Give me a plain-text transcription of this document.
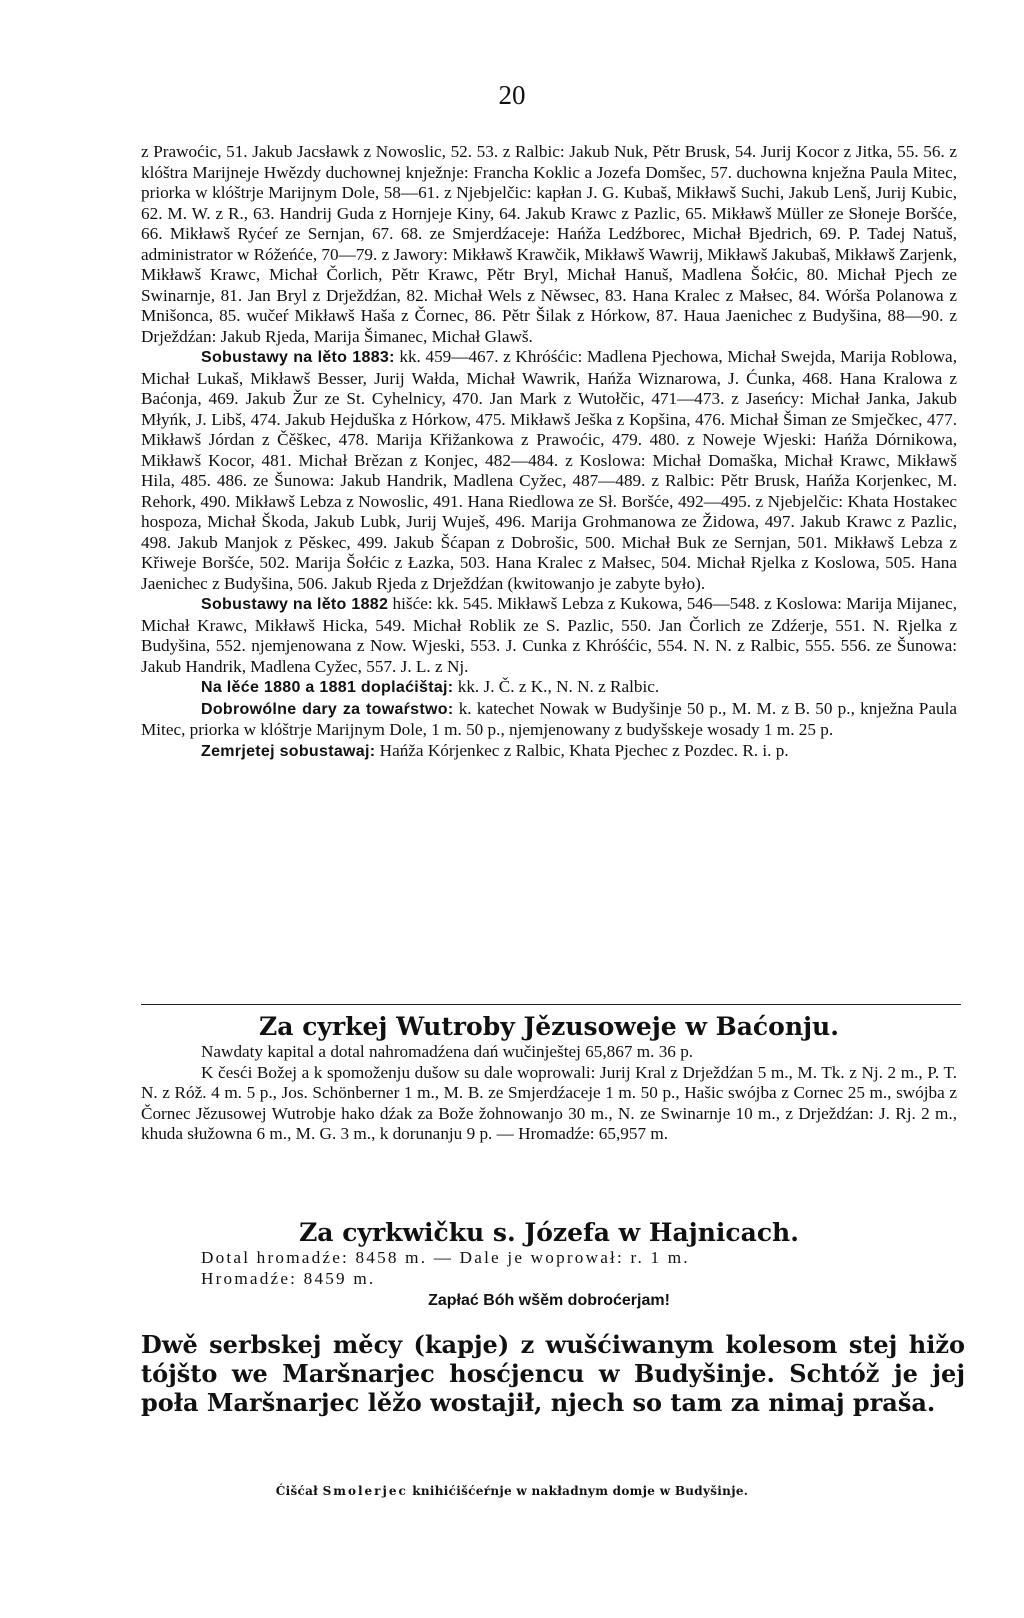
20

z Prawoćic, 51. Jakub Jacsławk z Nowoslic, 52. 53. z Ralbic: Jakub Nuk, Pětr Brusk, 54. Jurij Kocor z Jitka, 55. 56. z klóštra Marijneje Hwězdy duchownej knježnje: Francha Koklic a Jozefa Domšec, 57. duchowna knježna Paula Mitec, priorka w klóštrje Marijnym Dole, 58—61. z Njebjelčic: kapłan J. G. Kubaš, Mikławš Suchi, Jakub Lenš, Jurij Kubic, 62. M. W. z R., 63. Handrij Guda z Hornjeje Kiny, 64. Jakub Krawc z Pazlic, 65. Mikławš Müller ze Słoneje Boršće, 66. Mikławš Ryćeŕ ze Sernjan, 67. 68. ze Smjerdźaceje: Hańža Ledźborec, Michał Bjedrich, 69. P. Tadej Natuš, administrator w Róžeńće, 70—79. z Jawory: Mikławš Krawčik, Mikławš Wawrij, Mikławš Jakubaš, Mikławš Zarjenk, Mikławš Krawc, Michał Čorlich, Pětr Krawc, Pětr Bryl, Michał Hanuš, Madlena Šołćic, 80. Michał Pjech ze Swinarnje, 81. Jan Bryl z Drježdźan, 82. Michał Wels z Něwsec, 83. Hana Kralec z Małsec, 84. Wórša Polanowa z Mnišonca, 85. wučeŕ Mikławš Haša z Čornec, 86. Pětr Šilak z Hórkow, 87. Haua Jaenichec z Budyšina, 88—90. z Drježdźan: Jakub Rjeda, Marija Šimanec, Michał Glawš.

Sobustawy na lěto 1883: kk. 459—467. z Khróśćic: Madlena Pjechowa, Michał Swejda, Marija Roblowa, Michał Lukaš, Mikławš Besser, Jurij Wałda, Michał Wawrik, Hańža Wiznarowa, J. Ćunka, 468. Hana Kralowa z Baćonja, 469. Jakub Žur ze St. Cyhelnicy, 470. Jan Mark z Wutołčic, 471—473. z Jaseńcy: Michał Janka, Jakub Młyńk, J. Libš, 474. Jakub Hejduška z Hórkow, 475. Mikławš Ješka z Kopšina, 476. Michał Šiman ze Smječkec, 477. Mikławš Jórdan z Čěškec, 478. Marija Křižankowa z Prawoćic, 479. 480. z Noweje Wjeski: Hańža Dórnikowa, Mikławš Kocor, 481. Michał Brězan z Konjec, 482—484. z Koslowa: Michał Domaška, Michał Krawc, Mikławš Hila, 485. 486. ze Šunowa: Jakub Handrik, Madlena Cyžec, 487—489. z Ralbic: Pětr Brusk, Hańža Korjenkec, M. Rehork, 490. Mikławš Lebza z Nowoslic, 491. Hana Riedlowa ze Sł. Boršće, 492—495. z Njebjelčic: Khata Hostakec hospoza, Michał Škoda, Jakub Lubk, Jurij Wuješ, 496. Marija Grohmanowa ze Židowa, 497. Jakub Krawc z Pazlic, 498. Jakub Manjok z Pěskec, 499. Jakub Šćapan z Dobrošic, 500. Michał Buk ze Sernjan, 501. Mikławš Lebza z Křiweje Boršće, 502. Marija Šołćic z Łazka, 503. Hana Kralec z Małsec, 504. Michał Rjelka z Koslowa, 505. Hana Jaenichec z Budyšina, 506. Jakub Rjeda z Drježdźan (kwitowanjo je zabyte było).

Sobustawy na lěto 1882 hišće: kk. 545. Mikławš Lebza z Kukowa, 546—548. z Koslowa: Marija Mijanec, Michał Krawc, Mikławš Hicka, 549. Michał Roblik ze S. Pazlic, 550. Jan Čorlich ze Zdźerje, 551. N. Rjelka z Budyšina, 552. njemjenowana z Now. Wjeski, 553. J. Cunka z Khróśćic, 554. N. N. z Ralbic, 555. 556. ze Šunowa: Jakub Handrik, Madlena Cyžec, 557. J. L. z Nj.

Na lěće 1880 a 1881 doplaćištaj: kk. J. Č. z K., N. N. z Ralbic.

Dobrowólne dary za towaŕstwo: k. katechet Nowak w Budyšinje 50 p., M. M. z B. 50 p., knježna Paula Mitec, priorka w klóštrje Marijnym Dole, 1 m. 50 p., njemjenowany z budyšskeje wosady 1 m. 25 p.

Zemrjetej sobustawaj: Hańža Kórjenkec z Ralbic, Khata Pjechec z Pozdec. R. i. p.

Za cyrkej Wutroby Jězusoweje w Baćonju.

Nawdaty kapital a dotal nahromadźena dań wučinještej 65,867 m. 36 p.

K česći Božej a k spomoženju dušow su dale woprowali: Jurij Kral z Drježdźan 5 m., M. Tk. z Nj. 2 m., P. T. N. z Róž. 4 m. 5 p., Jos. Schönberner 1 m., M. B. ze Smjerdźaceje 1 m. 50 p., Hašic swójba z Cornec 25 m., swójba z Čornec Jězusowej Wutrobje hako dźak za Bože žohnowanjo 30 m., N. ze Swinarnje 10 m., z Drježdźan: J. Rj. 2 m., khuda słužowna 6 m., M. G. 3 m., k dorunanju 9 p. — Hromadźe: 65,957 m.

Za cyrkwičku s. Józefa w Hajnicach.

Dotal hromadźe: 8458 m. — Dale je woprował: r. 1 m.

Hromadźe: 8459 m.

Zapłać Bóh wšěm dobroćerjam!

Dwě serbskej měcy (kapje) z wušćiwanym kolesom stej hižo tójšto we Maršnarjec hosćjencu w Budyšinje. Schtóž je jej poła Maršnarjec lěžo wostajił, njech so tam za nimaj prašа.
Ćišćał Smolerjec knihićišćeŕnje w nakładnym domje w Budyšinje.
